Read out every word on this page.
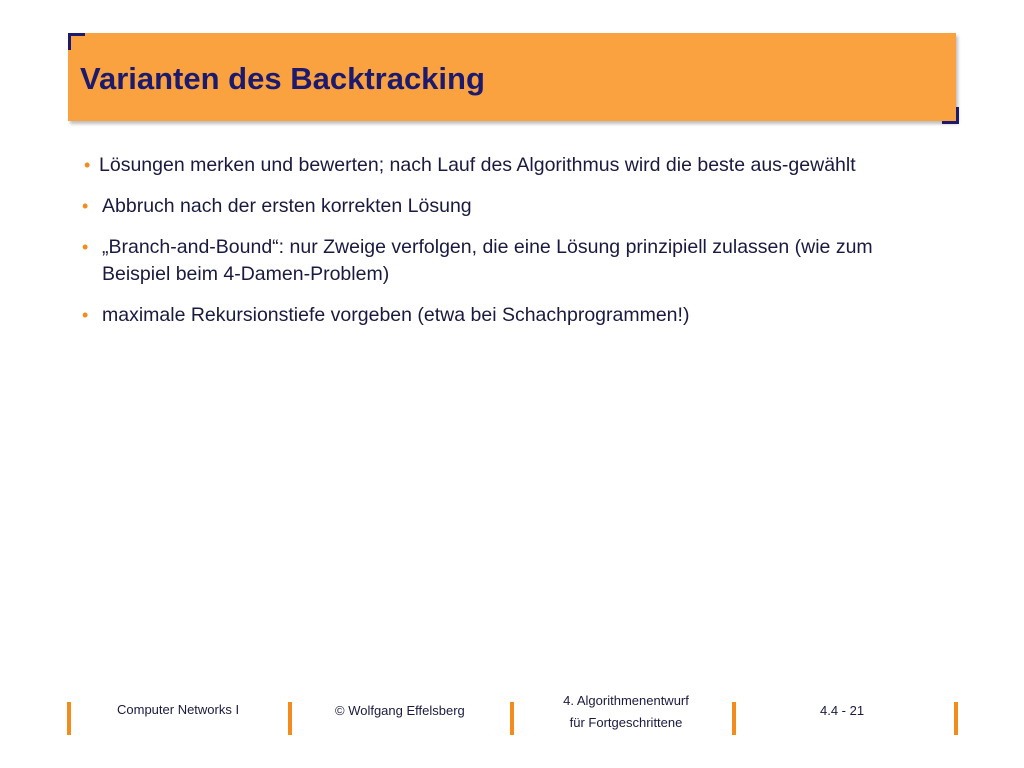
Varianten des Backtracking
• Lösungen merken und bewerten; nach Lauf des Algorithmus wird die beste aus-gewählt
• Abbruch nach der ersten korrekten Lösung
• „Branch-and-Bound“: nur Zweige verfolgen, die eine Lösung prinzipiell zulassen (wie zum Beispiel beim 4-Damen-Problem)
• maximale Rekursionstiefe vorgeben (etwa bei Schachprogrammen!)
Computer Networks I	© Wolfgang Effelsberg
4. Algorithmenentwurf
für Fortgeschrittene
4.4 - 21
